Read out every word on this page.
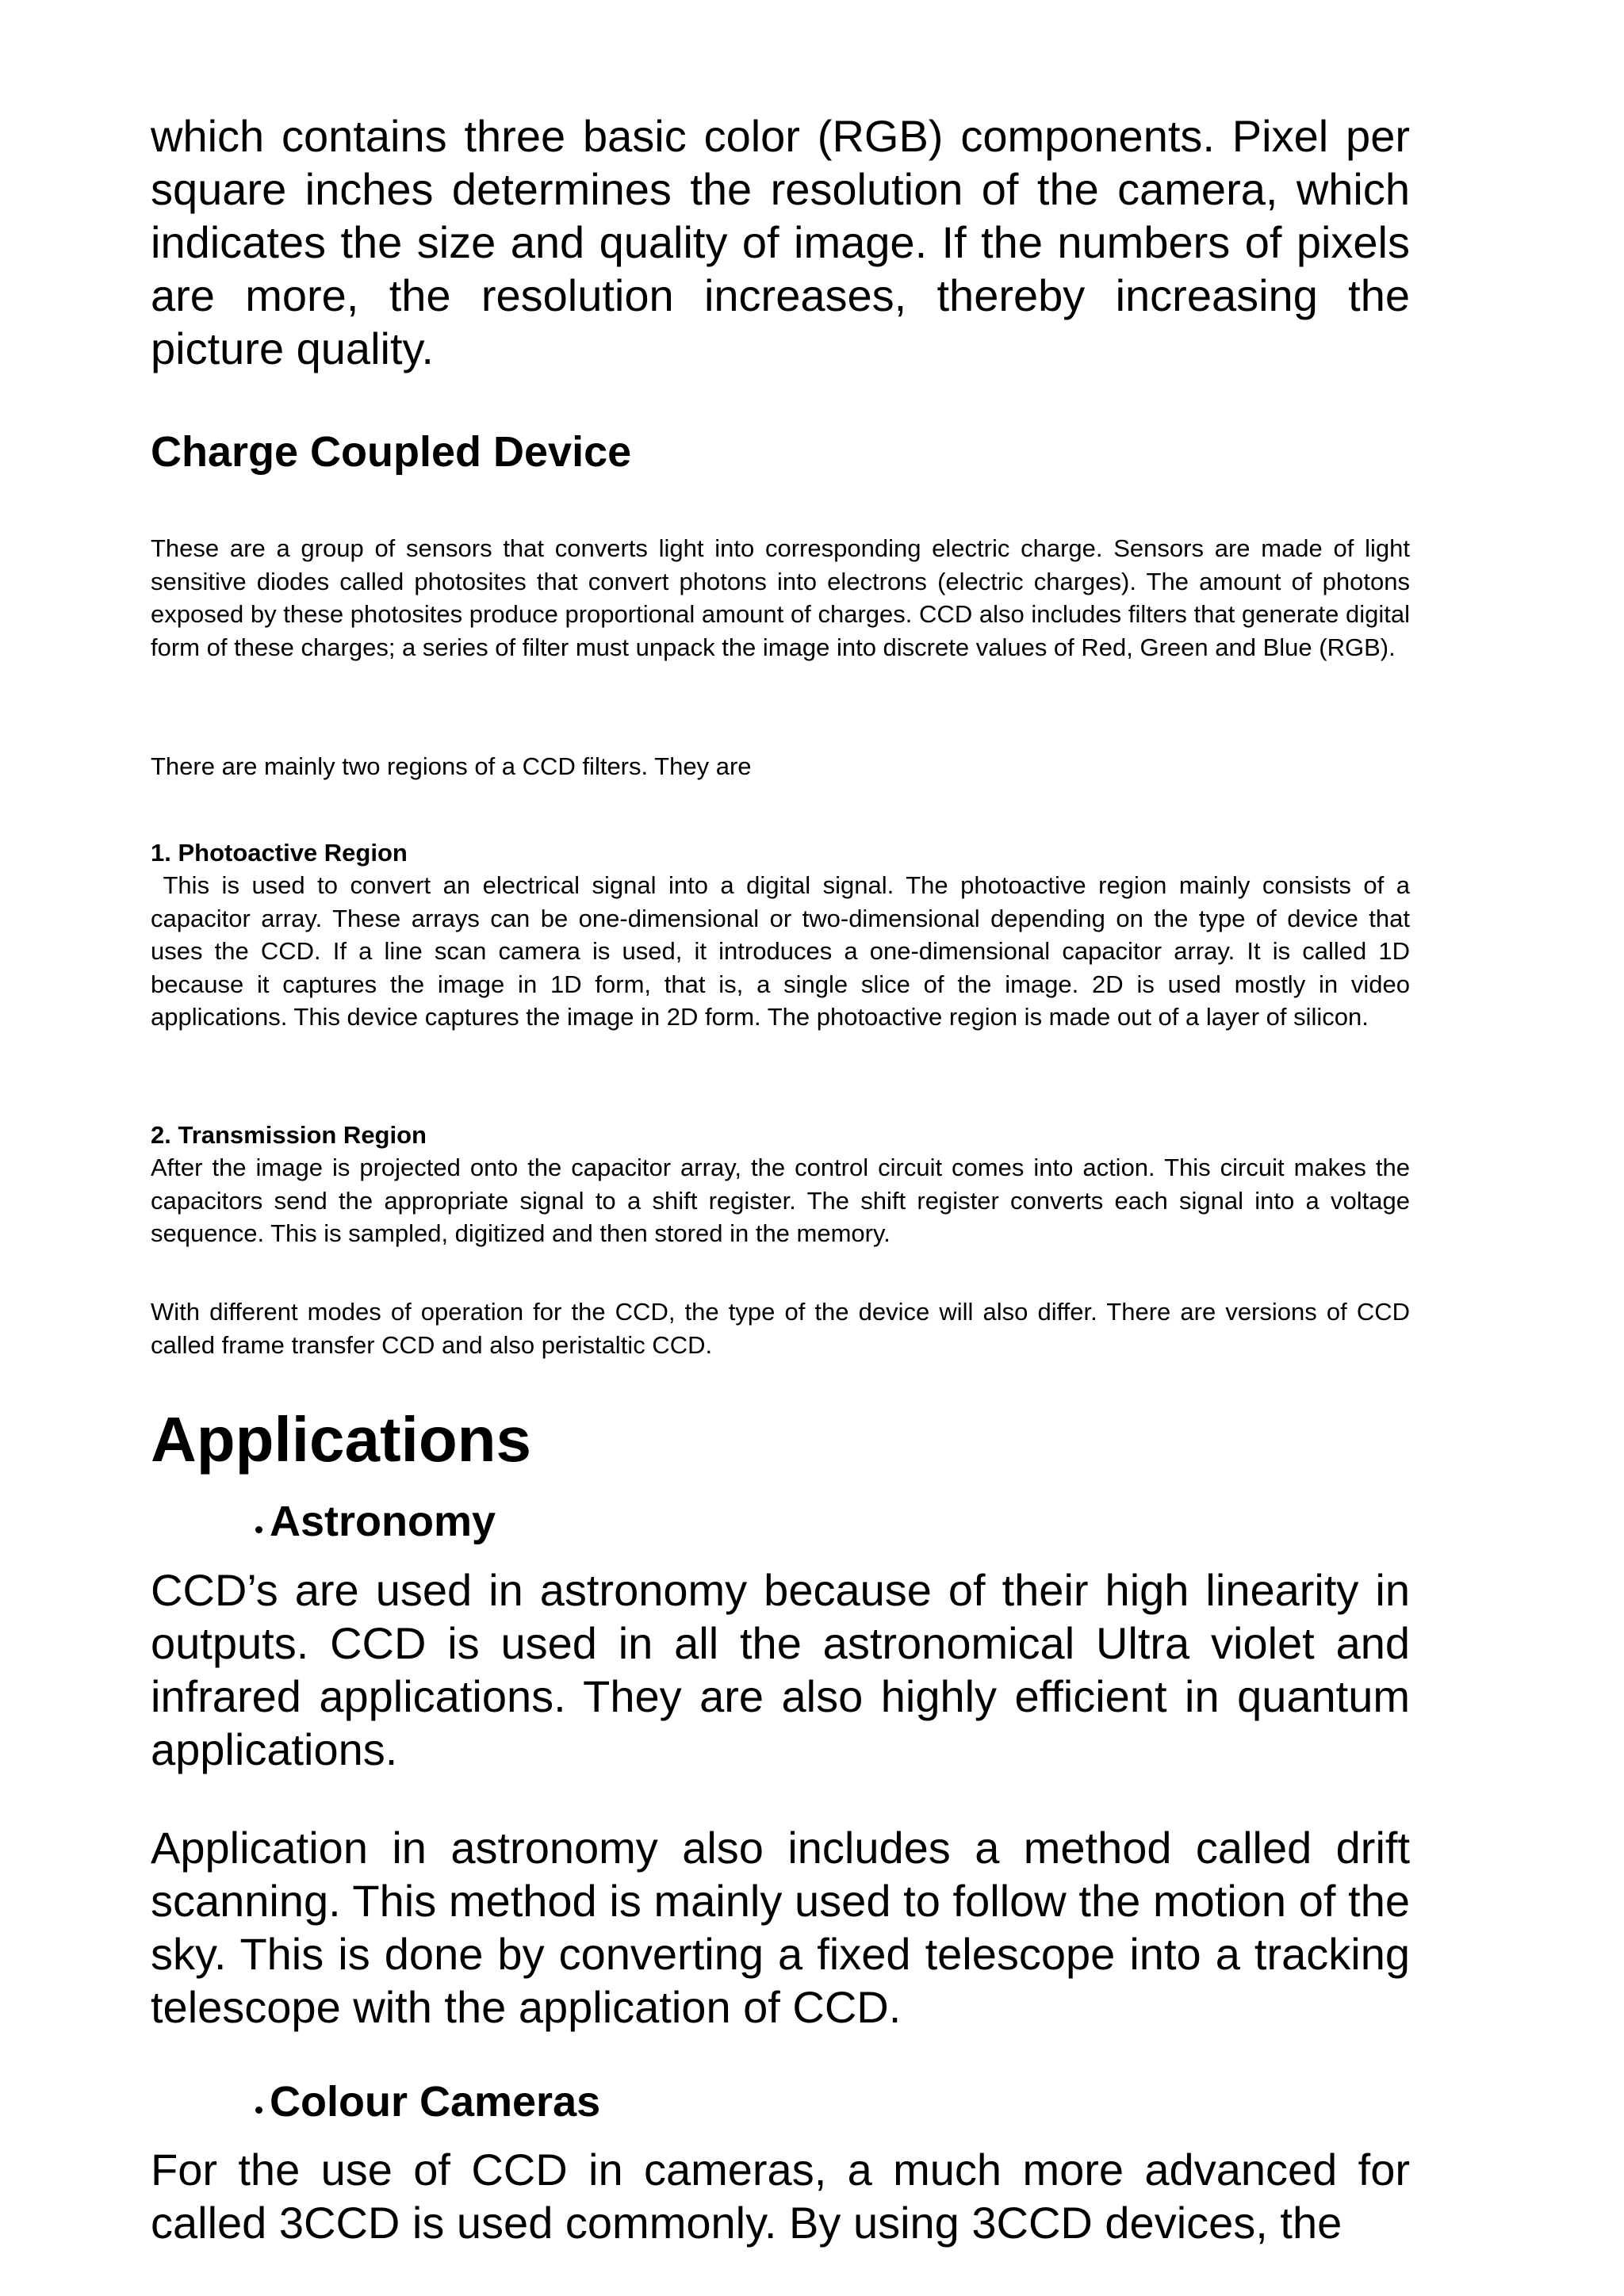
which contains three basic color (RGB) components. Pixel per square inches determines the resolution of the camera, which indicates the size and quality of image. If the numbers of pixels are more, the resolution increases, thereby increasing the picture quality.

Charge Coupled Device

These are a group of sensors that converts light into corresponding electric charge. Sensors are made of light sensitive diodes called photosites that convert photons into electrons (electric charges). The amount of photons exposed by these photosites produce proportional amount of charges. CCD also includes filters that generate digital form of these charges; a series of filter must unpack the image into discrete values of Red, Green and Blue (RGB).

There are mainly two regions of a CCD filters. They are

1. Photoactive Region

This is used to convert an electrical signal into a digital signal. The photoactive region mainly consists of a capacitor array. These arrays can be one-dimensional or two-dimensional depending on the type of device that uses the CCD. If a line scan camera is used, it introduces a one-dimensional capacitor array. It is called 1D because it captures the image in 1D form, that is, a single slice of the image. 2D is used mostly in video applications. This device captures the image in 2D form. The photoactive region is made out of a layer of silicon.

2. Transmission Region

After the image is projected onto the capacitor array, the control circuit comes into action. This circuit makes the capacitors send the appropriate signal to a shift register. The shift register converts each signal into a voltage sequence. This is sampled, digitized and then stored in the memory.

With different modes of operation for the CCD, the type of the device will also differ. There are versions of CCD called frame transfer CCD and also peristaltic CCD.

Applications
Astronomy

CCD’s are used in astronomy because of their high linearity in outputs. CCD is used in all the astronomical Ultra violet and infrared applications. They are also highly efficient in quantum applications.

Application in astronomy also includes a method called drift scanning. This method is mainly used to follow the motion of the sky. This is done by converting a fixed telescope into a tracking telescope with the application of CCD.

Colour Cameras

For the use of CCD in cameras, a much more advanced for called 3CCD is used commonly. By using 3CCD devices, the
